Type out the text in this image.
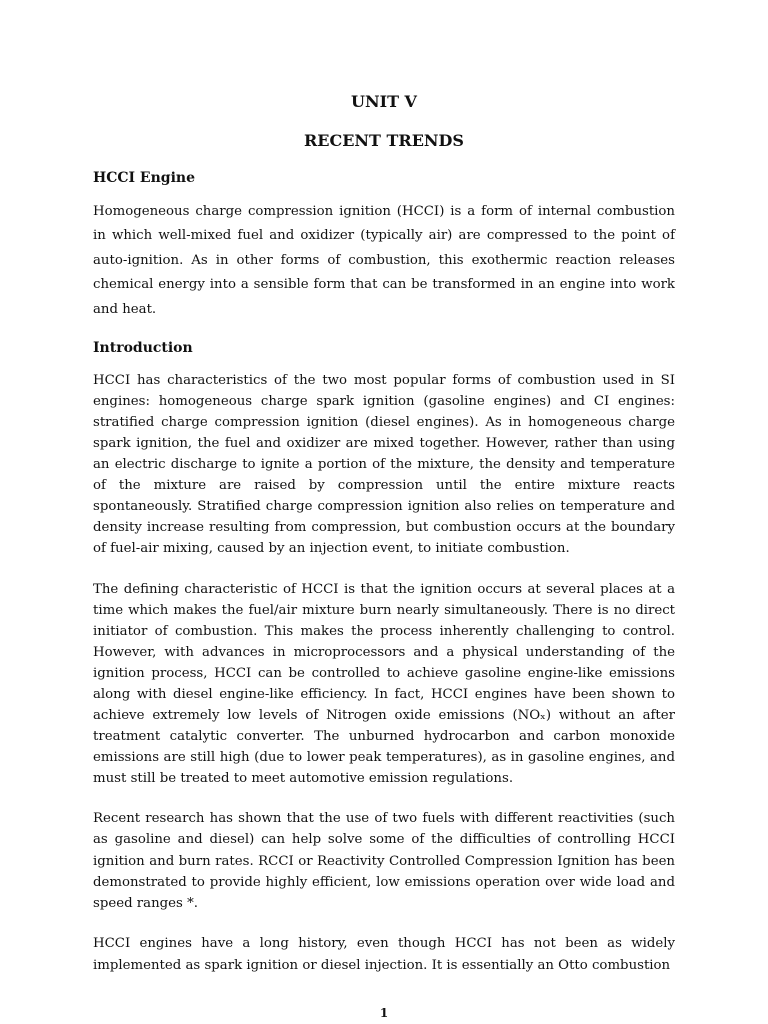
UNIT V
RECENT TRENDS
HCCI Engine

Homogeneous charge compression ignition (HCCI) is a form of internal combustion in which well-mixed fuel and oxidizer (typically air) are compressed to the point of auto-ignition. As in other forms of combustion, this exothermic reaction releases chemical energy into a sensible form that can be transformed in an engine into work and heat.

Introduction

HCCI has characteristics of the two most popular forms of combustion used in SI engines: homogeneous charge spark ignition (gasoline engines) and CI engines: stratified charge compression ignition (diesel engines). As in homogeneous charge spark ignition, the fuel and oxidizer are mixed together. However, rather than using an electric discharge to ignite a portion of the mixture, the density and temperature of the mixture are raised by compression until the entire mixture reacts spontaneously. Stratified charge compression ignition also relies on temperature and density increase resulting from compression, but combustion occurs at the boundary of fuel-air mixing, caused by an injection event, to initiate combustion.

The defining characteristic of HCCI is that the ignition occurs at several places at a time which makes the fuel/air mixture burn nearly simultaneously. There is no direct initiator of combustion. This makes the process inherently challenging to control. However, with advances in microprocessors and a physical understanding of the ignition process, HCCI can be controlled to achieve gasoline engine-like emissions along with diesel engine-like efficiency. In fact, HCCI engines have been shown to achieve extremely low levels of Nitrogen oxide emissions (NOₓ) without an after treatment catalytic converter. The unburned hydrocarbon and carbon monoxide emissions are still high (due to lower peak temperatures), as in gasoline engines, and must still be treated to meet automotive emission regulations.

Recent research has shown that the use of two fuels with different reactivities (such as gasoline and diesel) can help solve some of the difficulties of controlling HCCI ignition and burn rates. RCCI or Reactivity Controlled Compression Ignition has been demonstrated to provide highly efficient, low emissions operation over wide load and speed ranges *.

HCCI engines have a long history, even though HCCI has not been as widely implemented as spark ignition or diesel injection. It is essentially an Otto combustion

1
